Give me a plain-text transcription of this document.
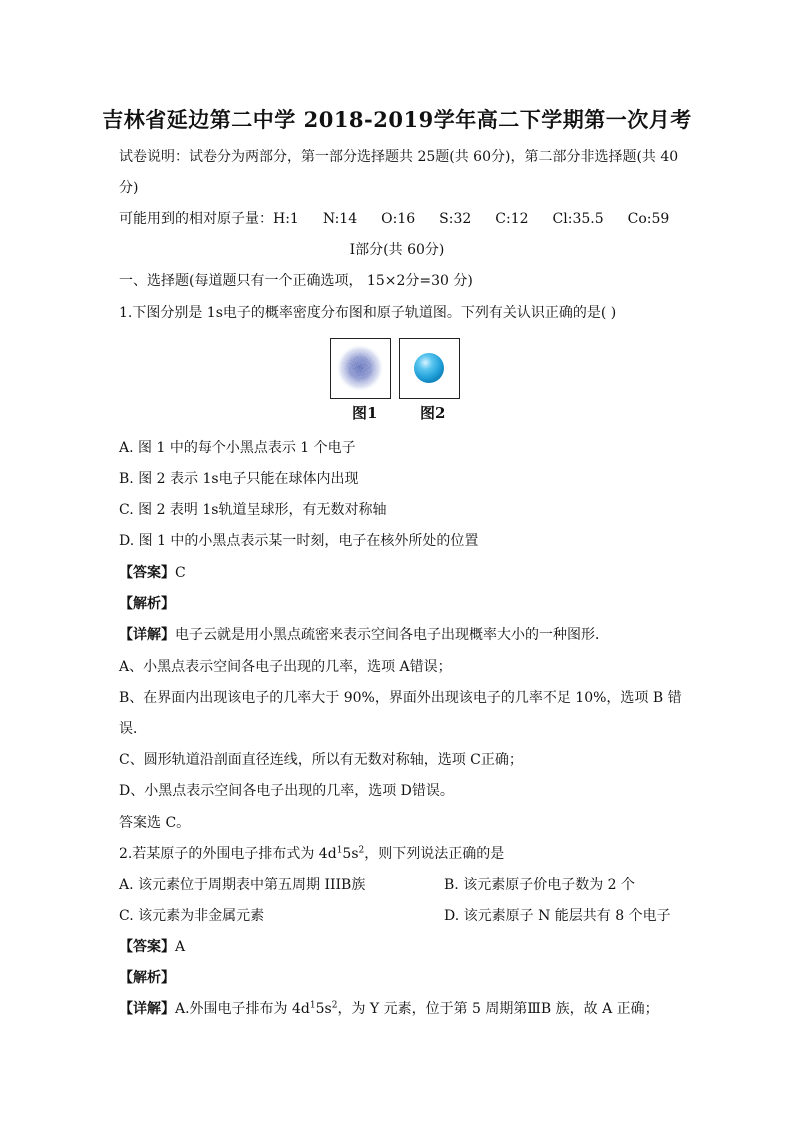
吉林省延边第二中学 2018-2019学年高二下学期第一次月考
试卷说明：试卷分为两部分，第一部分选择题共 25题(共 60分)，第二部分非选择题(共 40
分)
可能用到的相对原子量：H:1 N:14 O:16 S:32 C:12 Cl:35.5 Co:59
I部分(共 60分)
一、选择题(每道题只有一个正确选项， 15×2分=30 分)
1.下图分别是 1s电子的概率密度分布图和原子轨道图。下列有关认识正确的是( )
图1	图2
A. 图 1 中的每个小黑点表示 1 个电子
B. 图 2 表示 1s电子只能在球体内出现
C. 图 2 表明 1s轨道呈球形，有无数对称轴
D. 图 1 中的小黑点表示某一时刻，电子在核外所处的位置
【答案】C
【解析】
【详解】电子云就是用小黑点疏密来表示空间各电子出现概率大小的一种图形．
A、小黑点表示空间各电子出现的几率，选项 A错误；
B、在界面内出现该电子的几率大于 90%，界面外出现该电子的几率不足 10%，选项 B 错
误．
C、圆形轨道沿剖面直径连线，所以有无数对称轴，选项 C正确；
D、小黑点表示空间各电子出现的几率，选项 D错误。
答案选 C。
2.若某原子的外围电子排布式为 $4d^15s^2$，则下列说法正确的是
A. 该元素位于周期表中第五周期 IIIB族	B. 该元素原子价电子数为 2 个
C. 该元素为非金属元素	D. 该元素原子 N 能层共有 8 个电子
【答案】A
【解析】
【详解】A.外围电子排布为 $4d^15s^2$，为 Y 元素，位于第 5 周期第ⅢB 族，故 A 正确；
